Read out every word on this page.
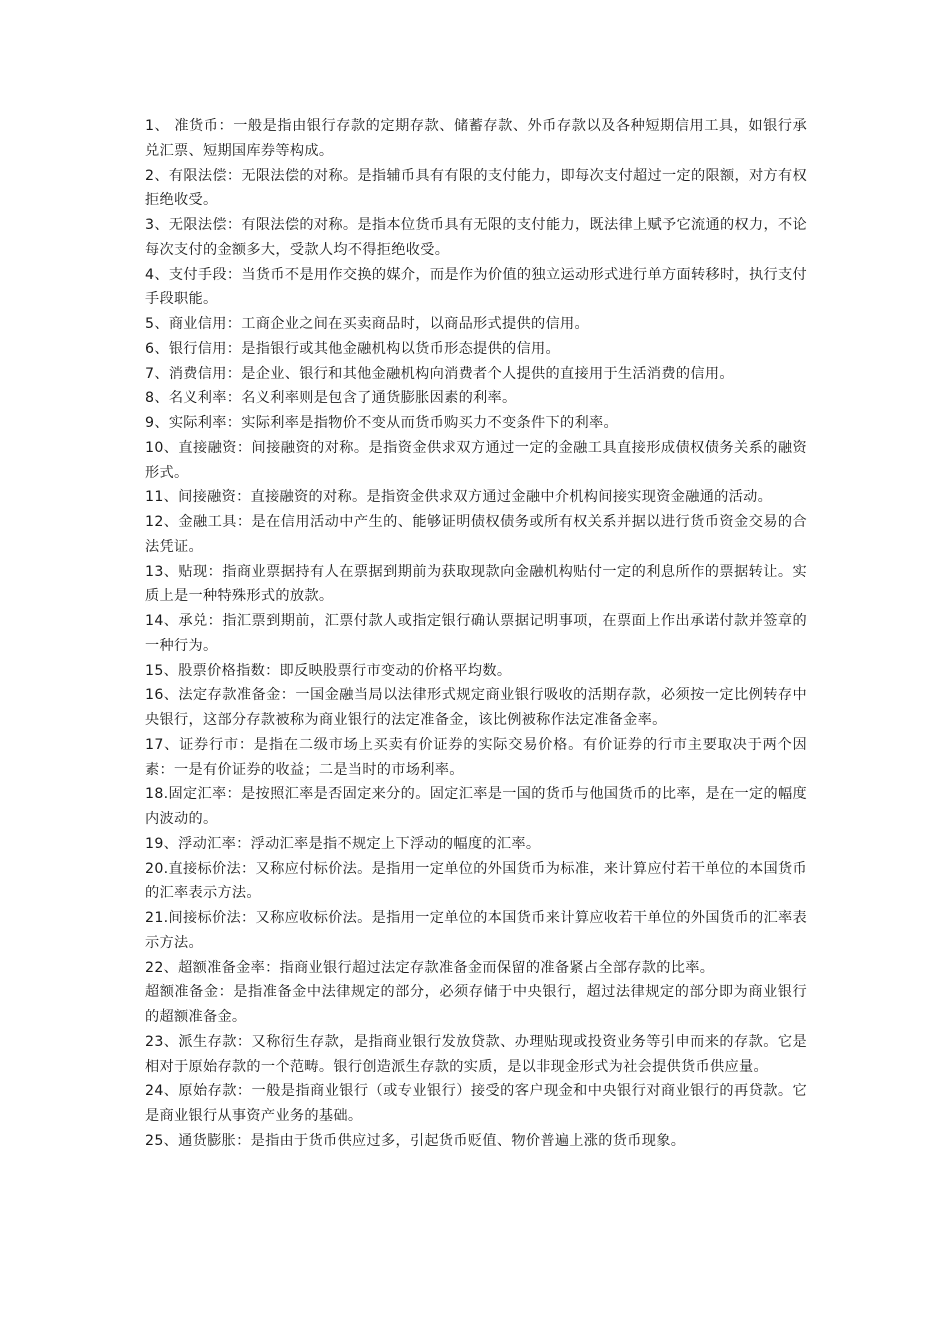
1、 准货币：一般是指由银行存款的定期存款、储蓄存款、外币存款以及各种短期信用工具，如银行承兑汇票、短期国库券等构成。

2、有限法偿：无限法偿的对称。是指辅币具有有限的支付能力，即每次支付超过一定的限额，对方有权拒绝收受。

3、无限法偿：有限法偿的对称。是指本位货币具有无限的支付能力，既法律上赋予它流通的权力，不论每次支付的金额多大，受款人均不得拒绝收受。

4、支付手段：当货币不是用作交换的媒介，而是作为价值的独立运动形式进行单方面转移时，执行支付手段职能。

5、商业信用：工商企业之间在买卖商品时，以商品形式提供的信用。

6、银行信用：是指银行或其他金融机构以货币形态提供的信用。

7、消费信用：是企业、银行和其他金融机构向消费者个人提供的直接用于生活消费的信用。

8、名义利率：名义利率则是包含了通货膨胀因素的利率。

9、实际利率：实际利率是指物价不变从而货币购买力不变条件下的利率。

10、直接融资：间接融资的对称。是指资金供求双方通过一定的金融工具直接形成债权债务关系的融资形式。

11、间接融资：直接融资的对称。是指资金供求双方通过金融中介机构间接实现资金融通的活动。

12、金融工具：是在信用活动中产生的、能够证明债权债务或所有权关系并据以进行货币资金交易的合法凭证。

13、贴现：指商业票据持有人在票据到期前为获取现款向金融机构贴付一定的利息所作的票据转让。实质上是一种特殊形式的放款。

14、承兑：指汇票到期前，汇票付款人或指定银行确认票据记明事项，在票面上作出承诺付款并签章的一种行为。

15、股票价格指数：即反映股票行市变动的价格平均数。

16、法定存款准备金：一国金融当局以法律形式规定商业银行吸收的活期存款，必须按一定比例转存中央银行，这部分存款被称为商业银行的法定准备金，该比例被称作法定准备金率。

17、证券行市：是指在二级市场上买卖有价证券的实际交易价格。有价证券的行市主要取决于两个因素：一是有价证券的收益；二是当时的市场利率。

18.固定汇率：是按照汇率是否固定来分的。固定汇率是一国的货币与他国货币的比率，是在一定的幅度内波动的。

19、浮动汇率：浮动汇率是指不规定上下浮动的幅度的汇率。

20.直接标价法：又称应付标价法。是指用一定单位的外国货币为标准，来计算应付若干单位的本国货币的汇率表示方法。

21.间接标价法：又称应收标价法。是指用一定单位的本国货币来计算应收若干单位的外国货币的汇率表示方法。

22、超额准备金率：指商业银行超过法定存款准备金而保留的准备紧占全部存款的比率。

超额准备金：是指准备金中法律规定的部分，必须存储于中央银行，超过法律规定的部分即为商业银行的超额准备金。

23、派生存款：又称衍生存款，是指商业银行发放贷款、办理贴现或投资业务等引申而来的存款。它是相对于原始存款的一个范畴。银行创造派生存款的实质，是以非现金形式为社会提供货币供应量。

24、原始存款：一般是指商业银行（或专业银行）接受的客户现金和中央银行对商业银行的再贷款。它是商业银行从事资产业务的基础。

25、通货膨胀：是指由于货币供应过多，引起货币贬值、物价普遍上涨的货币现象。
